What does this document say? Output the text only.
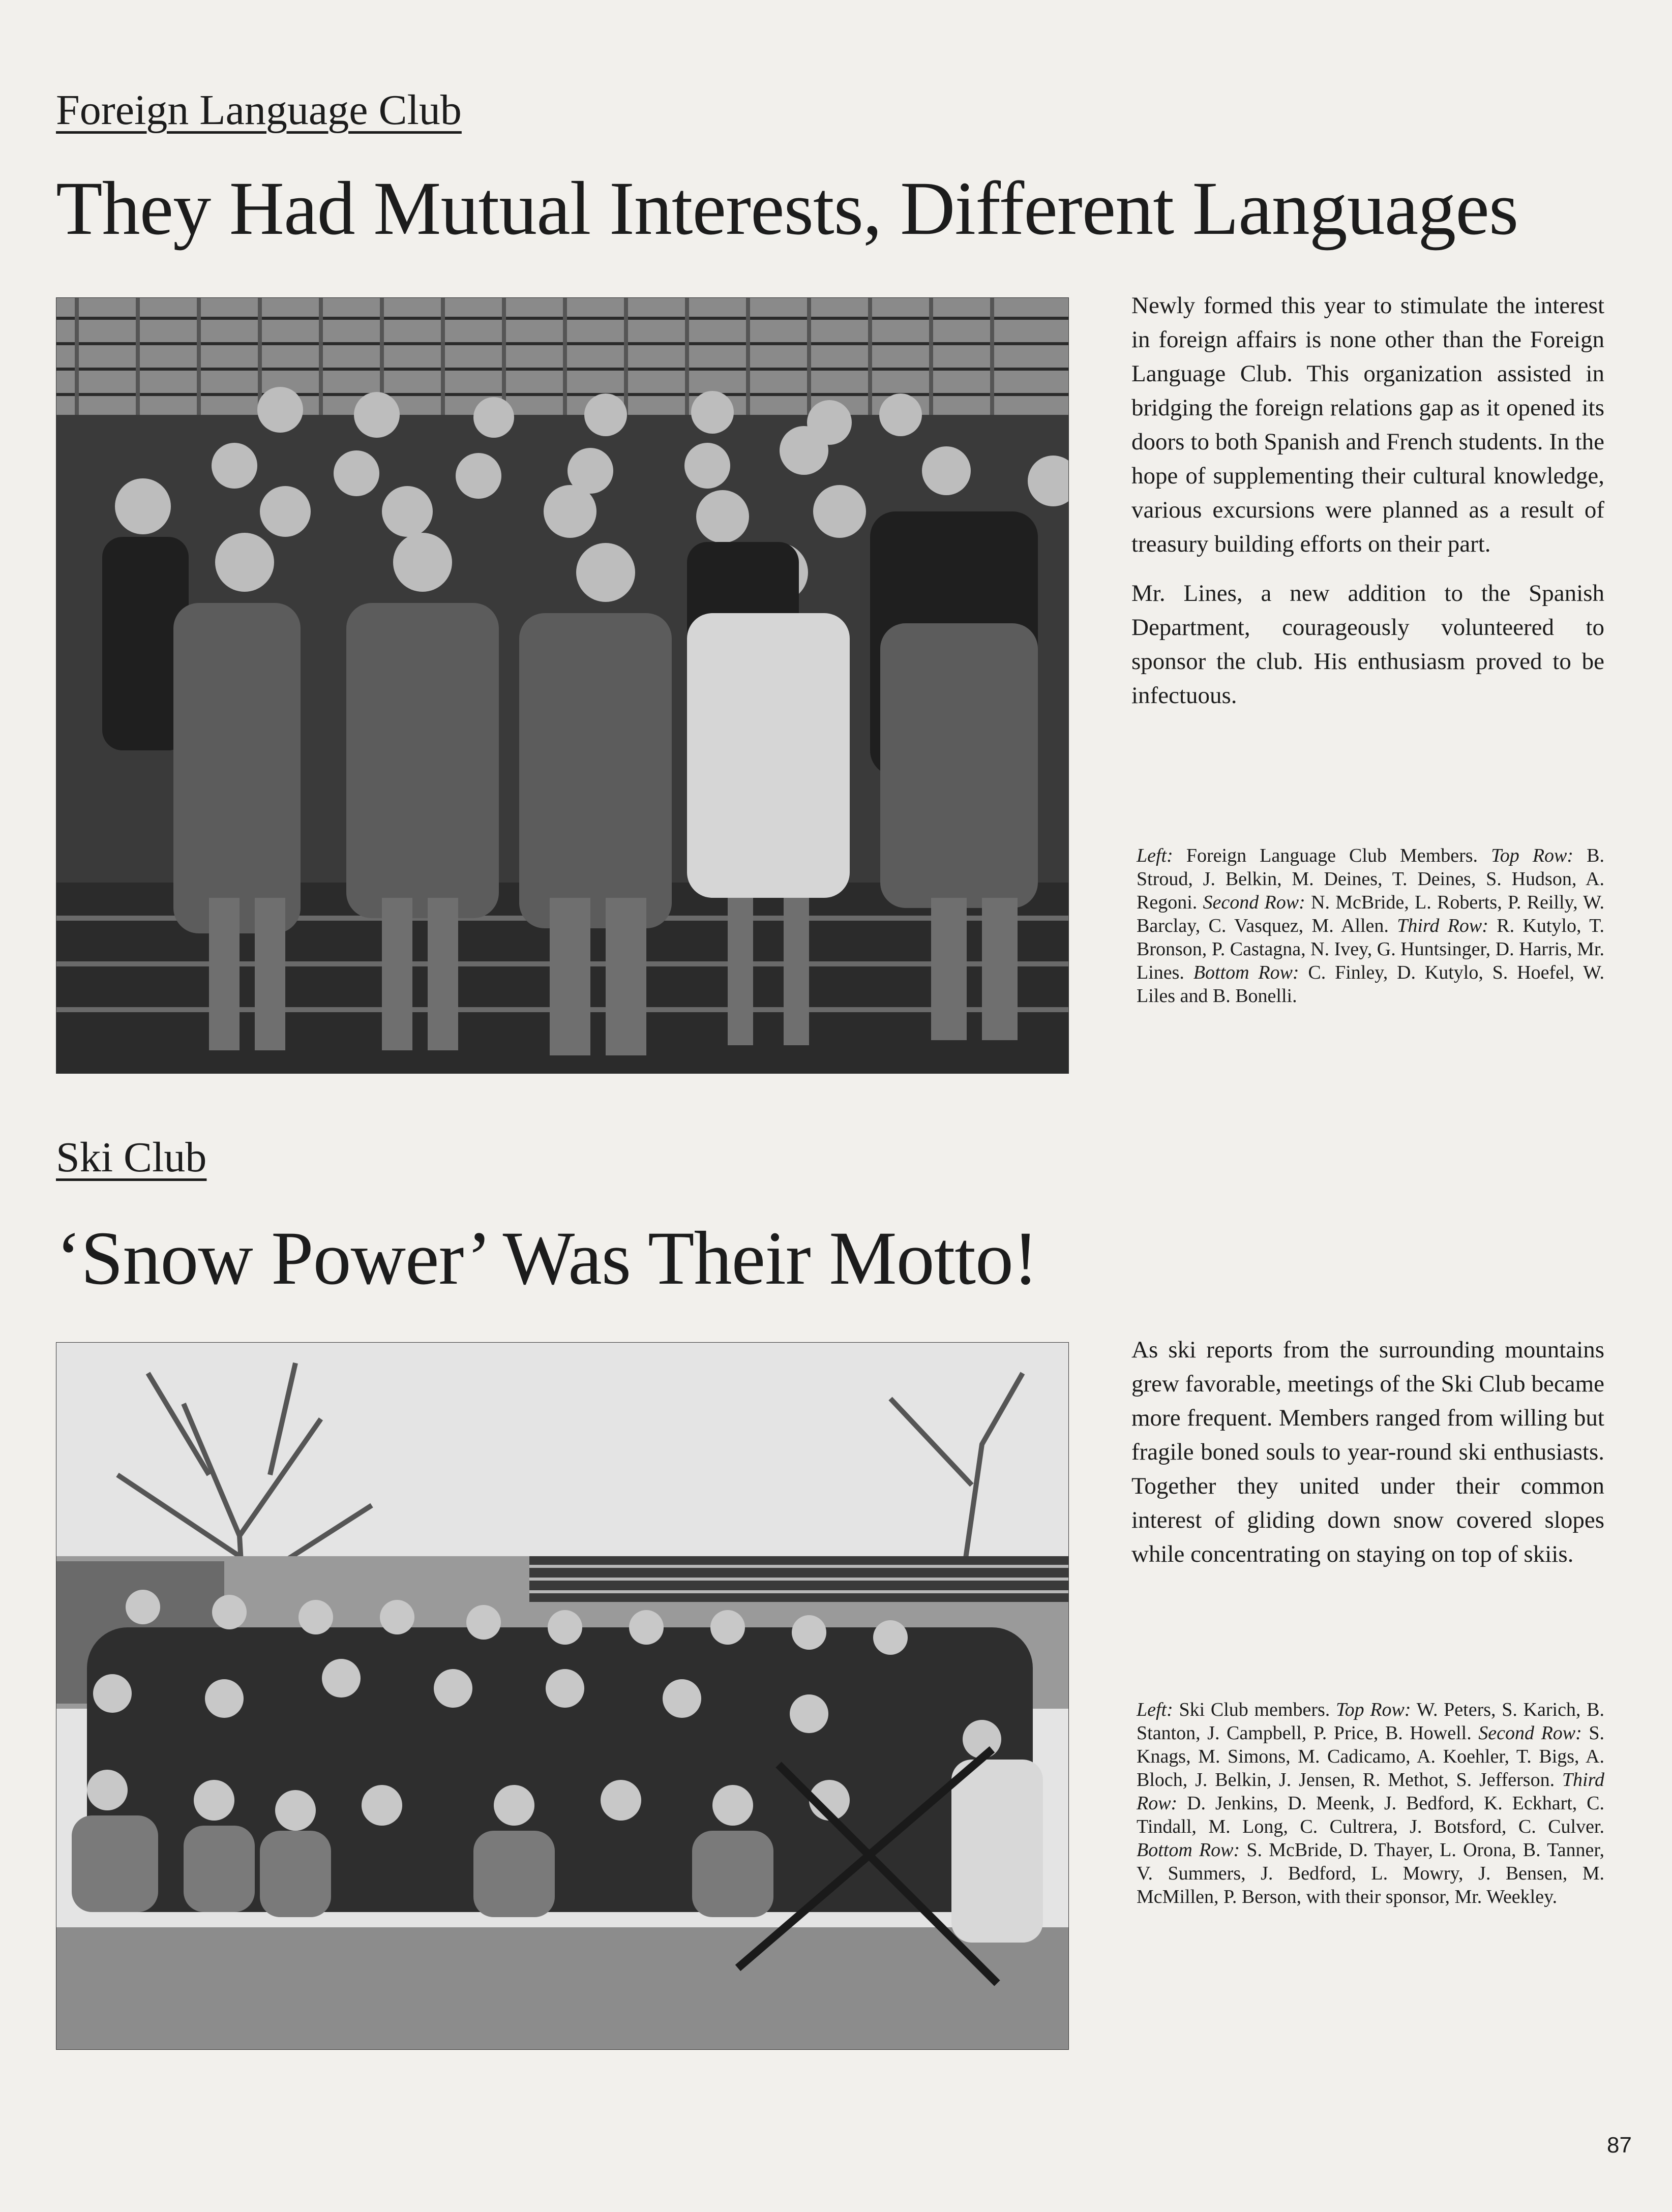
Foreign Language Club
They Had Mutual Interests, Different Languages

Newly formed this year to stimulate the interest in foreign affairs is none other than the Foreign Language Club. This organization assisted in bridging the foreign relations gap as it opened its doors to both Spanish and French students. In the hope of supplementing their cultural knowledge, various excursions were planned as a result of treasury building efforts on their part.

Mr. Lines, a new addition to the Spanish Department, courageously volunteered to sponsor the club. His enthusiasm proved to be infectuous.

Left: Foreign Language Club Members. Top Row: B. Stroud, J. Belkin, M. Deines, T. Deines, S. Hudson, A. Regoni. Second Row: N. McBride, L. Roberts, P. Reilly, W. Barclay, C. Vasquez, M. Allen. Third Row: R. Kutylo, T. Bronson, P. Castagna, N. Ivey, G. Huntsinger, D. Harris, Mr. Lines. Bottom Row: C. Finley, D. Kutylo, S. Hoefel, W. Liles and B. Bonelli.
Ski Club
‘Snow Power’ Was Their Motto!

As ski reports from the surrounding mountains grew favorable, meetings of the Ski Club became more frequent. Members ranged from willing but fragile boned souls to year-round ski enthusiasts. Together they united under their common interest of gliding down snow covered slopes while concentrating on staying on top of skiis.

Left: Ski Club members. Top Row: W. Peters, S. Karich, B. Stanton, J. Campbell, P. Price, B. Howell. Second Row: S. Knags, M. Simons, M. Cadicamo, A. Koehler, T. Bigs, A. Bloch, J. Belkin, J. Jensen, R. Methot, S. Jefferson. Third Row: D. Jenkins, D. Meenk, J. Bedford, K. Eckhart, C. Tindall, M. Long, C. Cultrera, J. Botsford, C. Culver. Bottom Row: S. McBride, D. Thayer, L. Orona, B. Tanner, V. Summers, J. Bedford, L. Mowry, J. Bensen, M. McMillen, P. Berson, with their sponsor, Mr. Weekley.
87
